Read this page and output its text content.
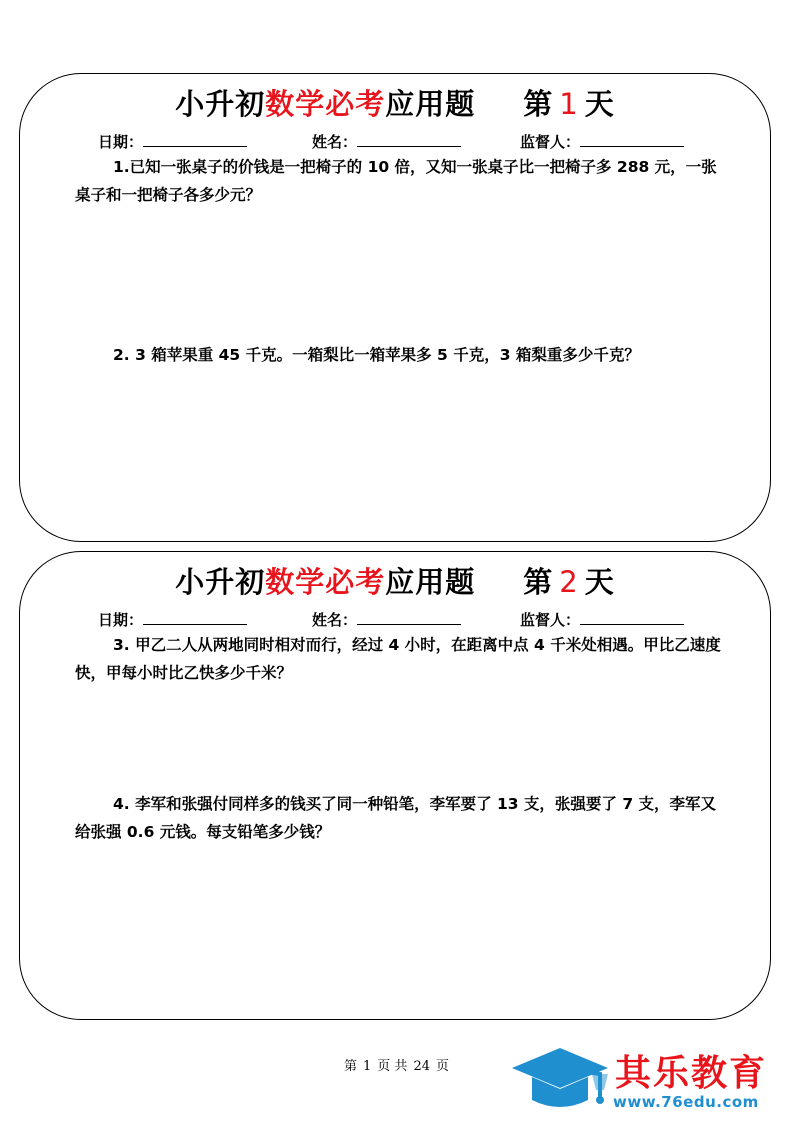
小升初数学必考应用题 第 1 天
日期：	姓名：	监督人：
1.已知一张桌子的价钱是一把椅子的 10 倍，又知一张桌子比一把椅子多 288 元，一张桌子和一把椅子各多少元？
2. 3 箱苹果重 45 千克。一箱梨比一箱苹果多 5 千克，3 箱梨重多少千克？
小升初数学必考应用题 第 2 天
日期：	姓名：	监督人：
3. 甲乙二人从两地同时相对而行，经过 4 小时，在距离中点 4 千米处相遇。甲比乙速度快，甲每小时比乙快多少千米？
4. 李军和张强付同样多的钱买了同一种铅笔，李军要了 13 支，张强要了 7 支，李军又给张强 0.6 元钱。每支铅笔多少钱？
第 1 页 共 24 页	其乐教育
www.76edu.com
